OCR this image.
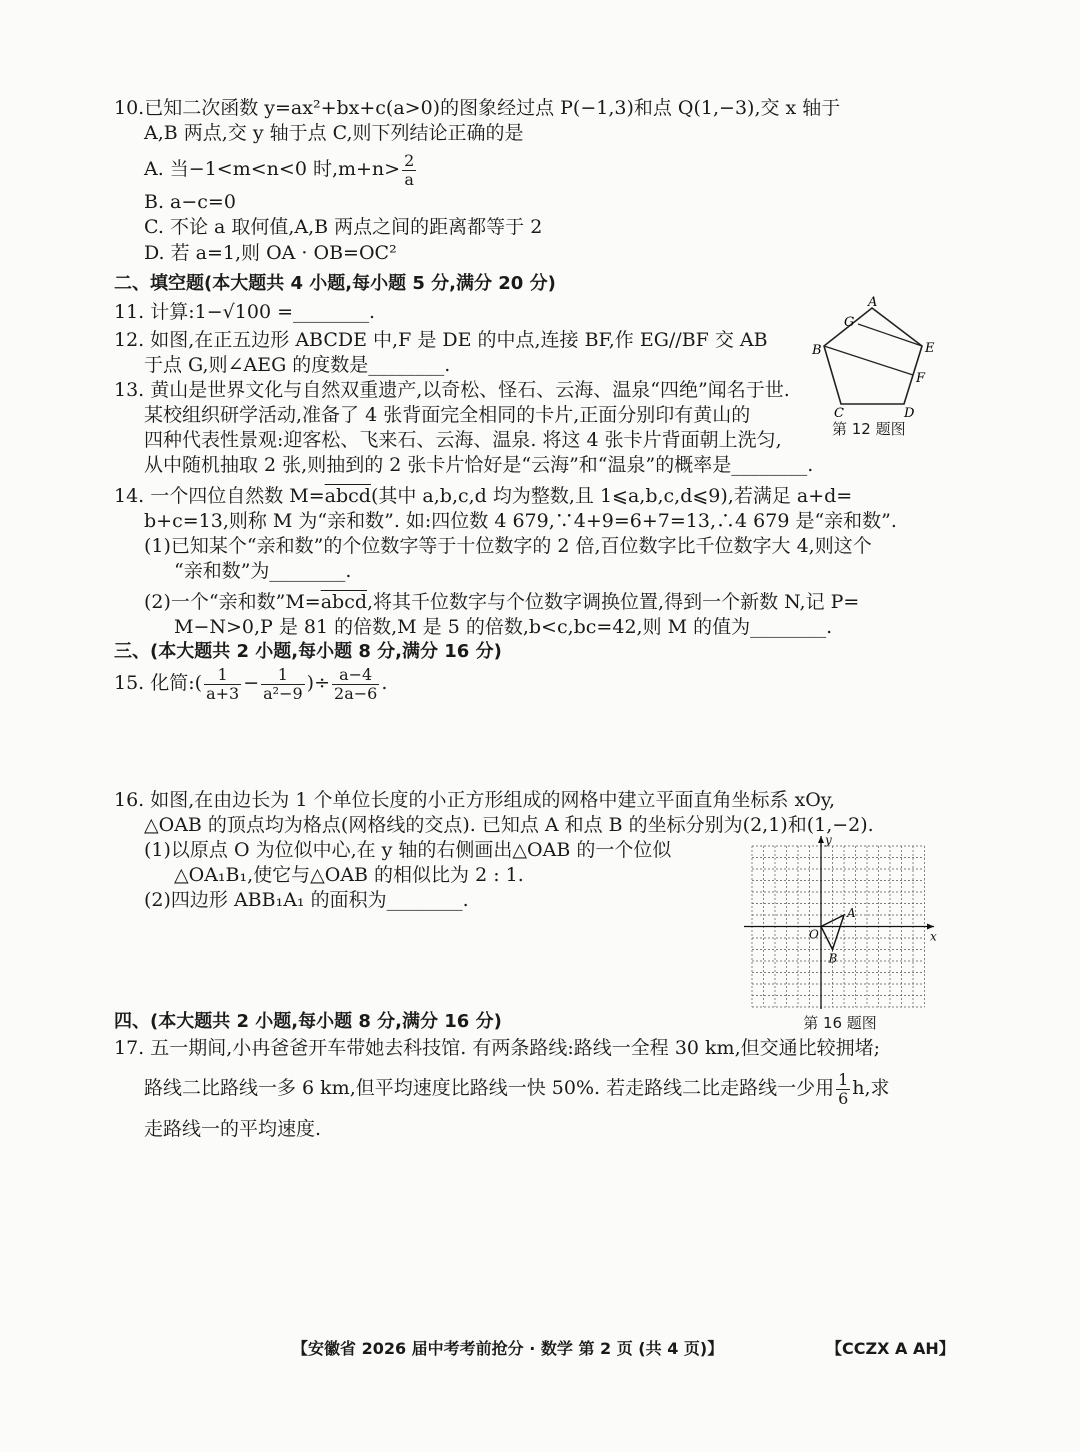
10.已知二次函数 y=ax²+bx+c(a>0)的图象经过点 P(−1,3)和点 Q(1,−3),交 x 轴于
A,B 两点,交 y 轴于点 C,则下列结论正确的是
A. 当−1<m<n<0 时$,m+n> \frac{2}{a}$
B. a−c=0
C. 不论 a 取何值,A,B 两点之间的距离都等于 2
D. 若 a=1,则 OA · OB=OC²
二、填空题(本大题共 4 小题,每小题 5 分,满分 20 分)
11. 计算:1−√100 =________.
12. 如图,在正五边形 ABCDE 中,F 是 DE 的中点,连接 BF,作 EG//BF 交 AB
于点 G,则∠AEG 的度数是________.
13. 黄山是世界文化与自然双重遗产,以奇松、怪石、云海、温泉“四绝”闻名于世.
某校组织研学活动,准备了 4 张背面完全相同的卡片,正面分别印有黄山的
四种代表性景观:迎客松、飞来石、云海、温泉. 将这 4 张卡片背面朝上洗匀,
从中随机抽取 2 张,则抽到的 2 张卡片恰好是“云海”和“温泉”的概率是________.
A
G
B	E
F
C	D
第 12 题图
14. 一个四位自然数 M=abcd(其中 a,b,c,d 均为整数,且 1⩽a,b,c,d⩽9),若满足 a+d=
b+c=13,则称 M 为“亲和数”. 如:四位数 4 679,∵4+9=6+7=13,∴4 679 是“亲和数”.
(1)已知某个“亲和数”的个位数字等于十位数字的 2 倍,百位数字比千位数字大 4,则这个
“亲和数”为________.
(2)一个“亲和数”M=abcd,将其千位数字与个位数字调换位置,得到一个新数 N,记 P=
M−N>0,P 是 81 的倍数,M 是 5 的倍数,b<c,bc=42,则 M 的值为________.
三、(本大题共 2 小题,每小题 8 分,满分 16 分)
15. 化简:( $\frac{1}{a+3} - \frac{1}{\text{a²−9}}$ )÷ $\frac{a-4}{2a-6}$ .
16. 如图,在由边长为 1 个单位长度的小正方形组成的网格中建立平面直角坐标系 xOy,
△OAB 的顶点均为格点(网格线的交点). 已知点 A 和点 B 的坐标分别为(2,1)和(1,−2).
(1)以原点 O 为位似中心,在 y 轴的右侧画出△OAB 的一个位似
△OA₁B₁,使它与△OAB 的相似比为 2 : 1.
(2)四边形 ABB₁A₁ 的面积为________.
x
y
O
A
B
第 16 题图
四、(本大题共 2 小题,每小题 8 分,满分 16 分)
17. 五一期间,小冉爸爸开车带她去科技馆. 有两条路线:路线一全程 30 km,但交通比较拥堵;
路线二比路线一多 6 km,但平均速度比路线一快 50%. 若走路线二比走路线一少用 $\frac{1}{6} h$,求
走路线一的平均速度.
【安徽省 2026 届中考考前抢分 · 数学 第 2 页 (共 4 页)】	【CCZX A AH】
